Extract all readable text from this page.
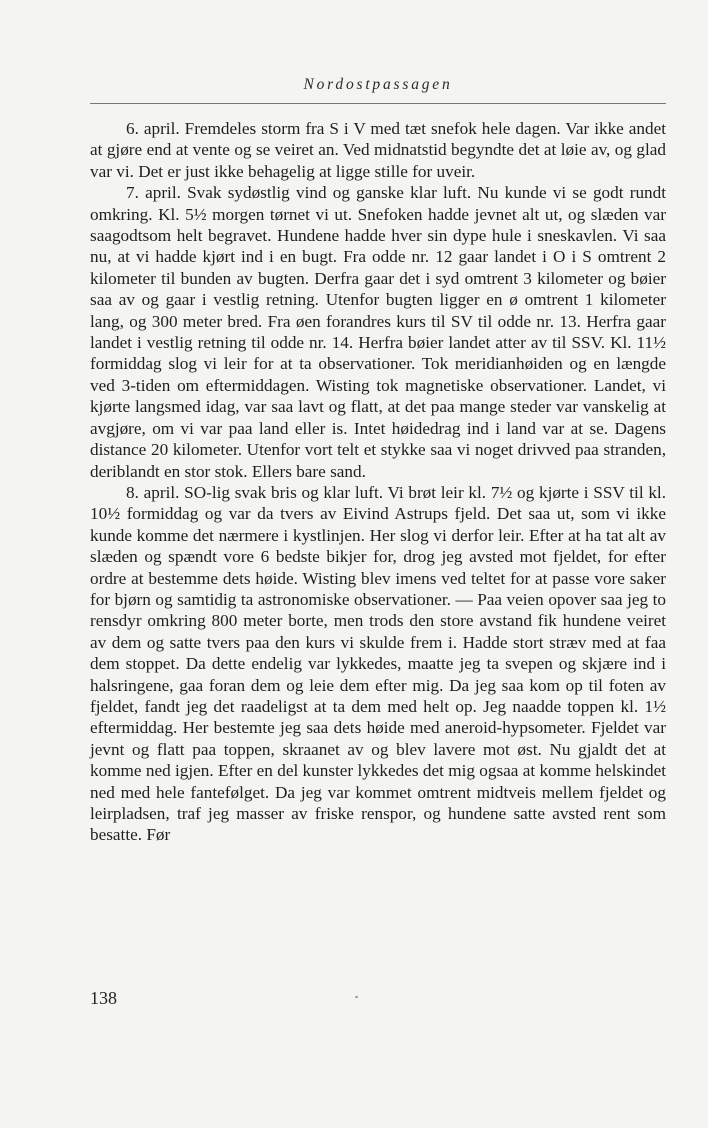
Nordostpassagen

6. april. Fremdeles storm fra S i V med tæt snefok hele dagen. Var ikke andet at gjøre end at vente og se veiret an. Ved midnatstid begyndte det at løie av, og glad var vi. Det er just ikke behagelig at ligge stille for uveir.

7. april. Svak sydøstlig vind og ganske klar luft. Nu kunde vi se godt rundt omkring. Kl. 5½ morgen tørnet vi ut. Snefoken hadde jevnet alt ut, og slæden var saagodtsom helt begravet. Hundene hadde hver sin dype hule i sneskavlen. Vi saa nu, at vi hadde kjørt ind i en bugt. Fra odde nr. 12 gaar landet i O i S omtrent 2 kilometer til bunden av bugten. Derfra gaar det i syd omtrent 3 kilometer og bøier saa av og gaar i vestlig retning. Utenfor bugten ligger en ø omtrent 1 kilometer lang, og 300 meter bred. Fra øen forandres kurs til SV til odde nr. 13. Herfra gaar landet i vestlig retning til odde nr. 14. Herfra bøier landet atter av til SSV. Kl. 11½ formiddag slog vi leir for at ta observationer. Tok meridianhøiden og en længde ved 3-tiden om eftermiddagen. Wisting tok magnetiske observationer. Landet, vi kjørte langsmed idag, var saa lavt og flatt, at det paa mange steder var vanskelig at avgjøre, om vi var paa land eller is. Intet høidedrag ind i land var at se. Dagens distance 20 kilometer. Utenfor vort telt et stykke saa vi noget drivved paa stranden, deriblandt en stor stok. Ellers bare sand.

8. april. SO-lig svak bris og klar luft. Vi brøt leir kl. 7½ og kjørte i SSV til kl. 10½ formiddag og var da tvers av Eivind Astrups fjeld. Det saa ut, som vi ikke kunde komme det nærmere i kystlinjen. Her slog vi derfor leir. Efter at ha tat alt av slæden og spændt vore 6 bedste bikjer for, drog jeg avsted mot fjeldet, for efter ordre at bestemme dets høide. Wisting blev imens ved teltet for at passe vore saker for bjørn og samtidig ta astronomiske observationer. — Paa veien opover saa jeg to rensdyr omkring 800 meter borte, men trods den store avstand fik hundene veiret av dem og satte tvers paa den kurs vi skulde frem i. Hadde stort stræv med at faa dem stoppet. Da dette endelig var lykkedes, maatte jeg ta svepen og skjære ind i halsringene, gaa foran dem og leie dem efter mig. Da jeg saa kom op til foten av fjeldet, fandt jeg det raadeligst at ta dem med helt op. Jeg naadde toppen kl. 1½ eftermiddag. Her bestemte jeg saa dets høide med aneroid-hypsometer. Fjeldet var jevnt og flatt paa toppen, skraanet av og blev lavere mot øst. Nu gjaldt det at komme ned igjen. Efter en del kunster lykkedes det mig ogsaa at komme helskindet ned med hele fantefølget. Da jeg var kommet omtrent midtveis mellem fjeldet og leirpladsen, traf jeg masser av friske renspor, og hundene satte avsted rent som besatte. Før

138
